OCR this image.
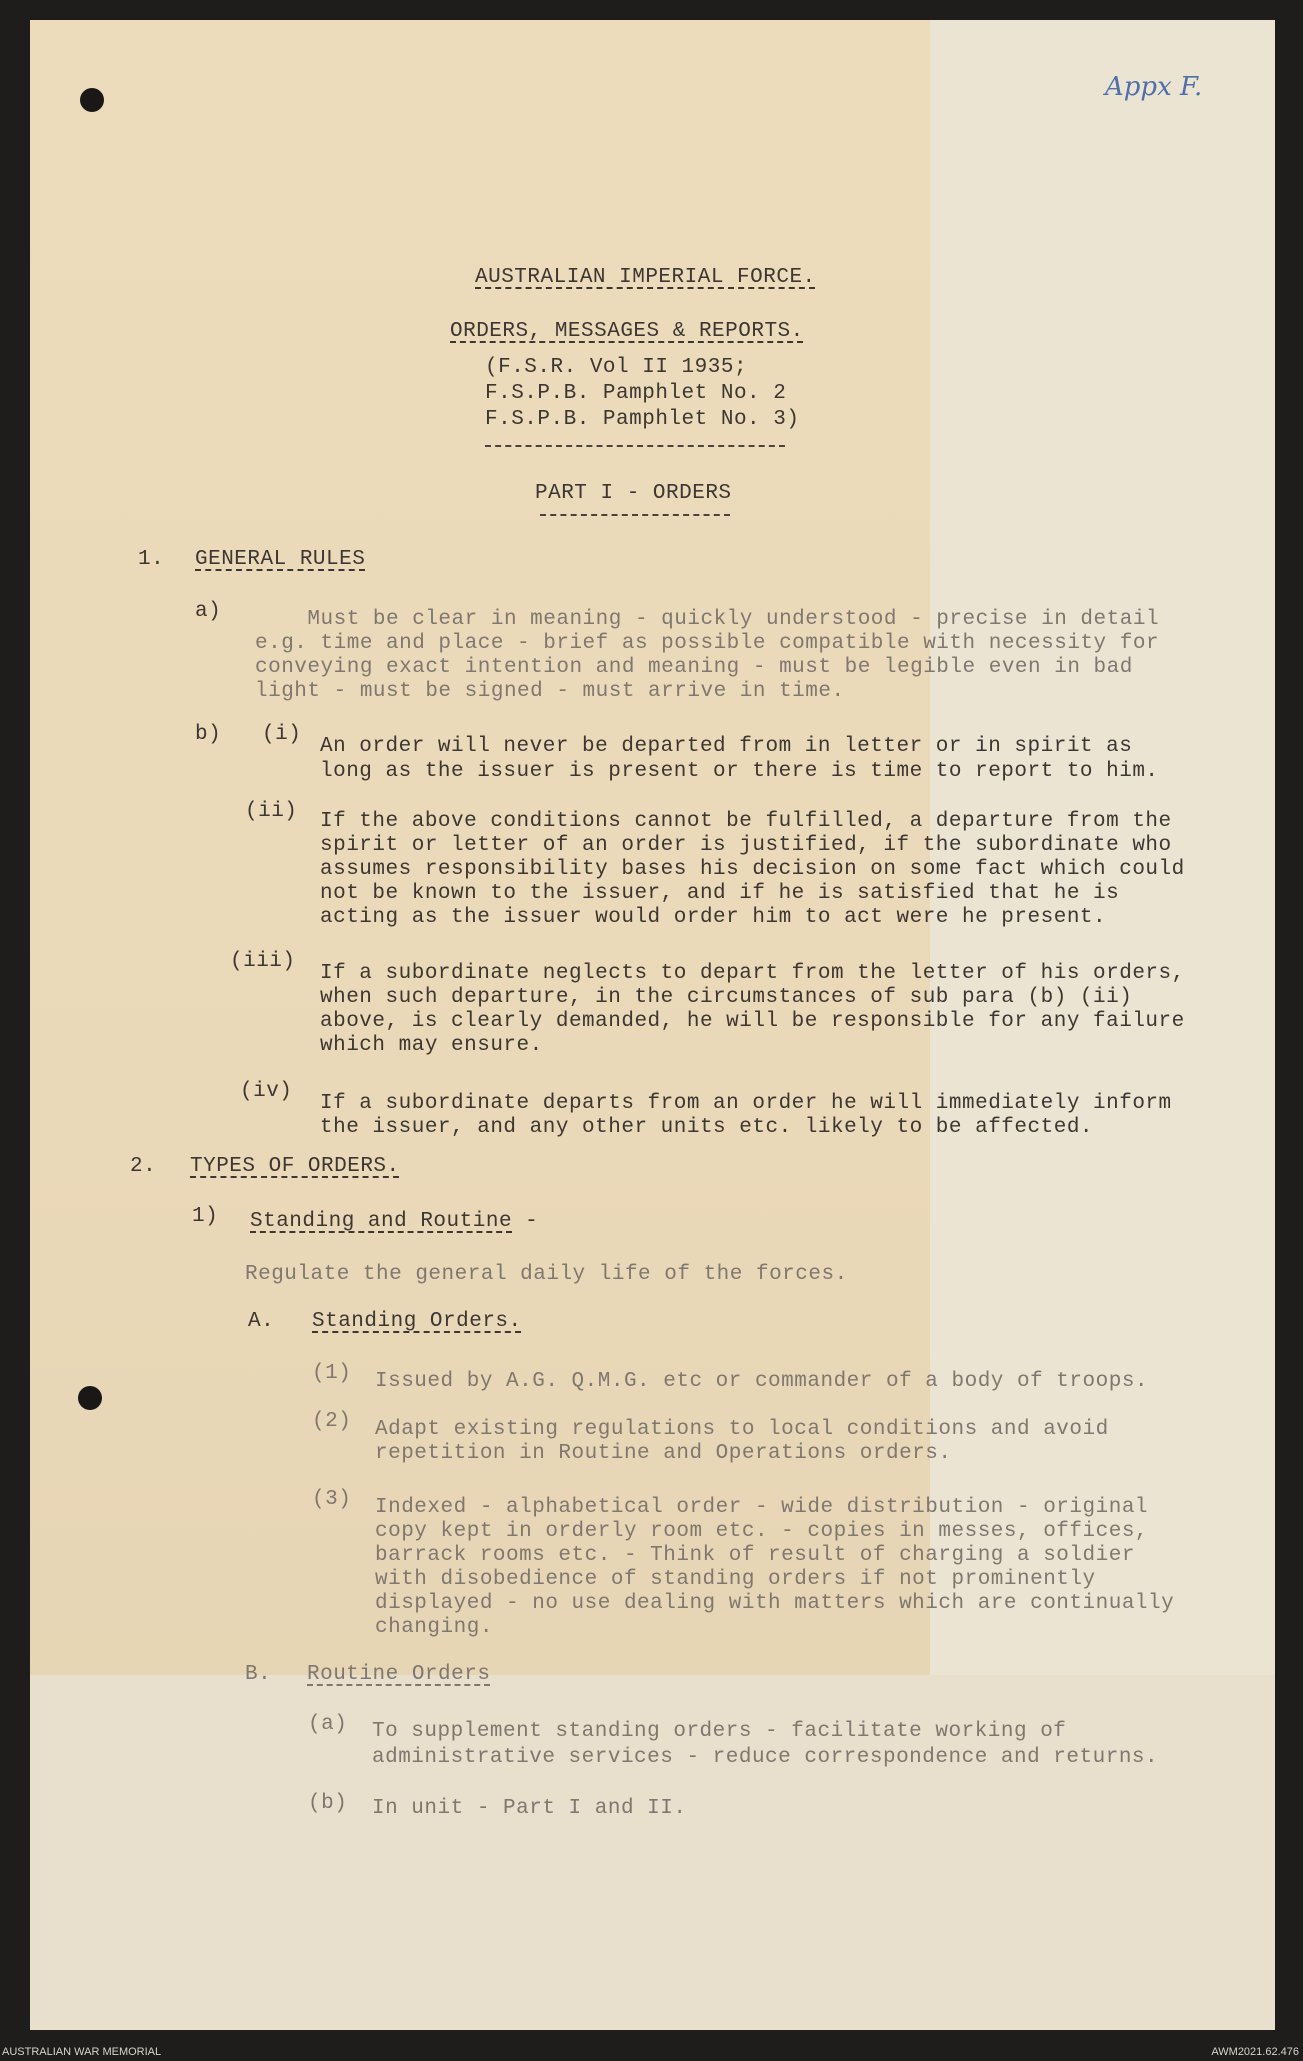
Appx F.
AUSTRALIAN IMPERIAL FORCE.
ORDERS, MESSAGES & REPORTS.
(F.S.R. Vol II 1935;
F.S.P.B. Pamphlet No. 2
F.S.P.B. Pamphlet No. 3)
PART I - ORDERS
1. GENERAL RULES
a) Must be clear in meaning - quickly understood - precise in detail
e.g. time and place - brief as possible compatible with necessity for
conveying exact intention and meaning - must be legible even in bad
light - must be signed - must arrive in time.
b) (i)
An order will never be departed from in letter or in spirit as
long as the issuer is present or there is time to report to him.
(ii) If the above conditions cannot be fulfilled, a departure from the
spirit or letter of an order is justified, if the subordinate who
assumes responsibility bases his decision on some fact which could
not be known to the issuer, and if he is satisfied that he is
acting as the issuer would order him to act were he present.
(iii)
If a subordinate neglects to depart from the letter of his orders,
when such departure, in the circumstances of sub para (b) (ii)
above, is clearly demanded, he will be responsible for any failure
which may ensure.
(iv)
If a subordinate departs from an order he will immediately inform
the issuer, and any other units etc. likely to be affected.
2. TYPES OF ORDERS.
1) Standing and Routine -
Regulate the general daily life of the forces.
A. Standing Orders.
(1) Issued by A.G. Q.M.G. etc or commander of a body of troops.
(2) Adapt existing regulations to local conditions and avoid
repetition in Routine and Operations orders.
(3) Indexed - alphabetical order - wide distribution - original
copy kept in orderly room etc. - copies in messes, offices,
barrack rooms etc. - Think of result of charging a soldier
with disobedience of standing orders if not prominently
displayed - no use dealing with matters which are continually
changing.
B. Routine Orders
(a) To supplement standing orders - facilitate working of
administrative services - reduce correspondence and returns.
(b) In unit - Part I and II.
AUSTRALIAN WAR MEMORIAL	AWM2021.62.476
